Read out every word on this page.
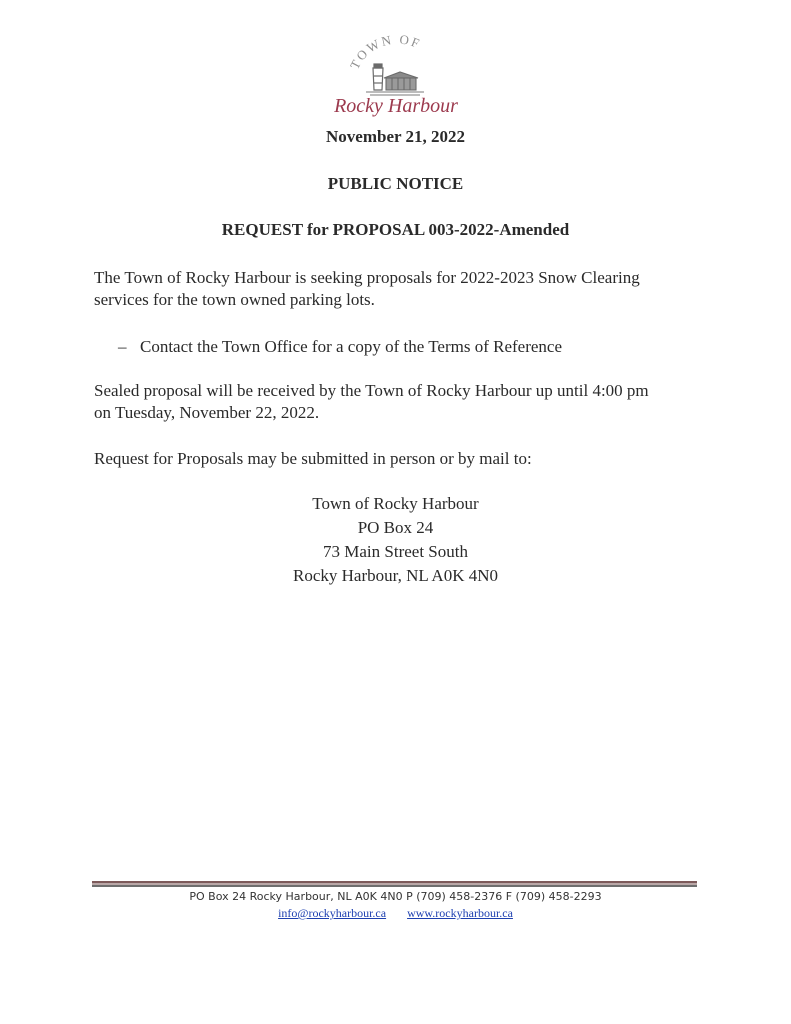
TOWN OF
Rocky Harbour
November 21, 2022
PUBLIC NOTICE
REQUEST for PROPOSAL 003-2022-Amended
The Town of Rocky Harbour is seeking proposals for 2022-2023 Snow Clearing
services for the town owned parking lots.
– Contact the Town Office for a copy of the Terms of Reference
Sealed proposal will be received by the Town of Rocky Harbour up until 4:00 pm
on Tuesday, November 22, 2022.
Request for Proposals may be submitted in person or by mail to:
Town of Rocky Harbour
PO Box 24
73 Main Street South
Rocky Harbour, NL A0K 4N0
PO Box 24 Rocky Harbour, NL A0K 4N0 P (709) 458-2376 F (709) 458-2293
info@rockyharbour.ca www.rockyharbour.ca
